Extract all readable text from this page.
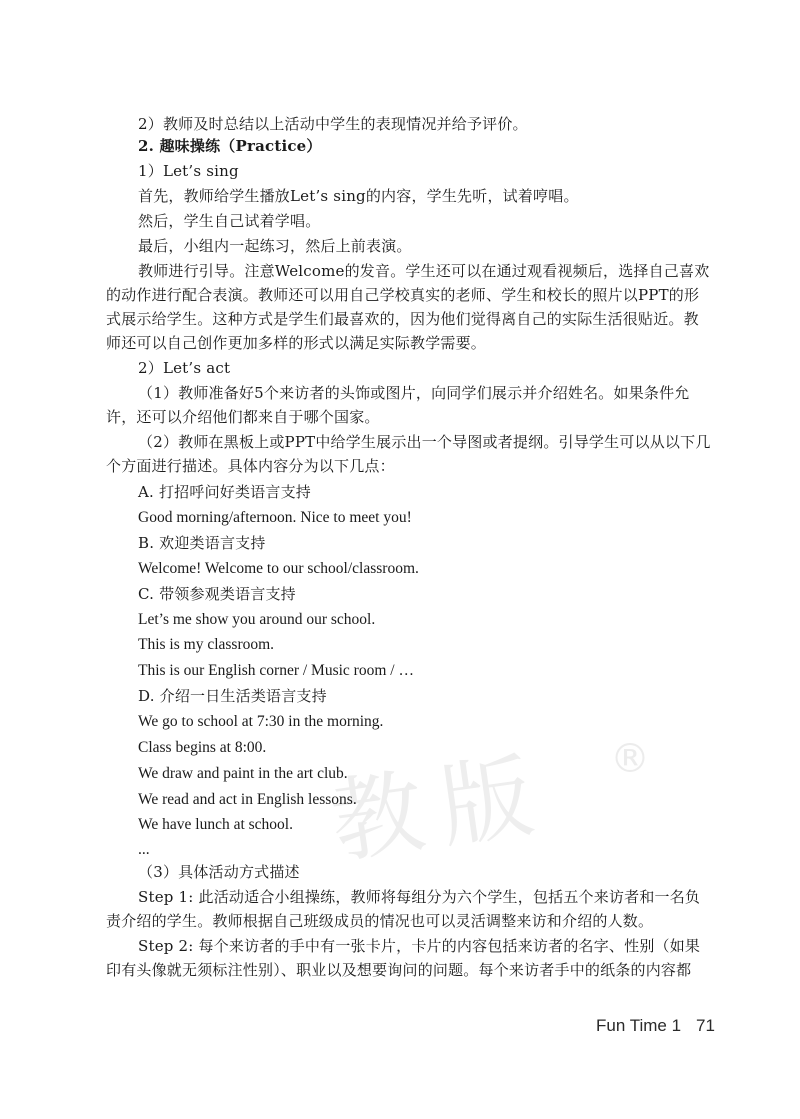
教版 ®
2）教师及时总结以上活动中学生的表现情况并给予评价。
2. 趣味操练（Practice）
1）Let’s sing
首先，教师给学生播放Let’s sing的内容，学生先听，试着哼唱。
然后，学生自己试着学唱。
最后，小组内一起练习，然后上前表演。
教师进行引导。注意Welcome的发音。学生还可以在通过观看视频后，选择自己喜欢
的动作进行配合表演。教师还可以用自己学校真实的老师、学生和校长的照片以PPT的形
式展示给学生。这种方式是学生们最喜欢的，因为他们觉得离自己的实际生活很贴近。教
师还可以自己创作更加多样的形式以满足实际教学需要。
2）Let’s act
（1）教师准备好5个来访者的头饰或图片，向同学们展示并介绍姓名。如果条件允
许，还可以介绍他们都来自于哪个国家。
（2）教师在黑板上或PPT中给学生展示出一个导图或者提纲。引导学生可以从以下几
个方面进行描述。具体内容分为以下几点：
A. 打招呼问好类语言支持
Good morning/afternoon. Nice to meet you!
B. 欢迎类语言支持
Welcome! Welcome to our school/classroom.
C. 带领参观类语言支持
Let’s me show you around our school.
This is my classroom.
This is our English corner / Music room / …
D. 介绍一日生活类语言支持
We go to school at 7:30 in the morning.
Class begins at 8:00.
We draw and paint in the art club.
We read and act in English lessons.
We have lunch at school.
...
（3）具体活动方式描述
Step 1: 此活动适合小组操练，教师将每组分为六个学生，包括五个来访者和一名负
责介绍的学生。教师根据自己班级成员的情况也可以灵活调整来访和介绍的人数。
Step 2: 每个来访者的手中有一张卡片，卡片的内容包括来访者的名字、性别（如果
印有头像就无须标注性别）、职业以及想要询问的问题。每个来访者手中的纸条的内容都
Fun Time 1 71
